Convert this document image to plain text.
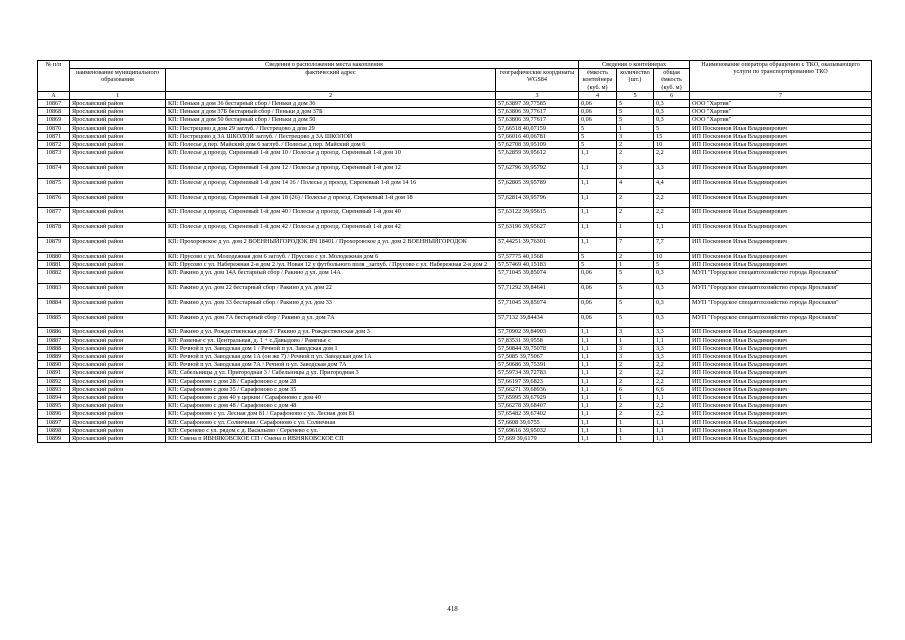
№ п/п	Сведения о расположении места накопления			Сведения о контейнерах			Наименование оператора обращению с ТКО, оказывающего услуги по транспортированию ТКО
	наименование муниципального образования	фактический адрес	географические координаты WGS84	ёмкость контейнера (куб. м)	количество (шт.)	общая ёмкость (куб. м)	
А	1	2	3	4	5	6	7
10867	Ярославский район	КП: Пеньки д дом 36 бестарный сбор / Пеньки д дом 36	57,63897 39,77585	0,06	5	0,3	ООО "Хартия"
10868	Ярославский район	КП: Пеньки д дом 37Б бестарный сбор / Пеньки д дом 37Б	57,63806 39,77617	0,06	5	0,3	ООО "Хартия"
10869	Ярославский район	КП: Пеньки д дом 50 бестарный сбор / Пеньки д дом 50	57,63806 39,77617	0,06	5	0,3	ООО "Хартия"
10870	Ярославский район	КП: Пестрецово д дом 29 заглуб. / Пестрецово д дом 29	57,66518 40,07159	5	1	5	ИП Посконнов Илья Владимирович
10871	Ярославский район	КП: Пестрецово д ЗА ШКОЛОЙ заглуб. / Пестрецово д ЗА ШКОЛОЙ	57,66016 40,06781	5	3	15	ИП Посконнов Илья Владимирович
10872	Ярославский район	КП: Полесье д пер. Майский дом 6 заглуб. / Полесье д пер. Майский дом 6	57,62708 39,95109	5	2	10	ИП Посконнов Илья Владимирович
10873	Ярославский район	КП: Полесье д проезд. Сиреневый 1-й дом 10 / Полесье д проезд. Сиреневый 1-й дом 10	57,62859 39,95612	1,1	2	2,2	ИП Посконнов Илья Владимирович
10874	Ярославский район	КП: Полесье д проезд. Сиреневый 1-й дом 12 / Полесье д проезд. Сиреневый 1-й дом 12	57,62796 39,95792	1,1	3	3,3	ИП Посконнов Илья Владимирович
10875	Ярославский район	КП: Полесье д проезд. Сиреневый 1-й дом 14 16 / Полесье д проезд. Сиреневый 1-й дом 14 16	57,62805 39,95789	1,1	4	4,4	ИП Посконнов Илья Владимирович
10876	Ярославский район	КП: Полесье д проезд. Сиреневый 1-й дом 18 (26) / Полесье д проезд. Сиреневый 1-й дом 18	57,62814 39,95796	1,1	2	2,2	ИП Посконнов Илья Владимирович
10877	Ярославский район	КП: Полесье д проезд. Сиреневый 1-й дом 40 / Полесье д проезд. Сиреневый 1-й дом 40	57,63122 39,95615	1,1	2	2,2	ИП Посконнов Илья Владимирович
10878	Ярославский район	КП: Полесье д проезд. Сиреневый 1-й дом 42 / Полесье д проезд. Сиреневый 1-й дом 42	57,63196 39,95627	1,1	1	1,1	ИП Посконнов Илья Владимирович
10879	Ярославский район	КП: Прохоровское д ул. дом 2 ВОЕННЫЙГОРОДОК ВЧ 18401 / Прохоровское д ул. дом 2 ВОЕННЫЙГОРОДОК	57,44251 39,76301	1,1	7	7,7	ИП Посконнов Илья Владимирович
10880	Ярославский район	КП: Прусово с ул. Молодежная дом 6 заглуб. / Прусово с ул. Молодежная дом 6	57,57775 40,1568	5	2	10	ИП Посконнов Илья Владимирович
10881	Ярославский район	КП: Прусово с ул. Набережная 2-я дом 2 /ул. Новая 12 у футбольного поля _заглуб. / Прусово с ул. Набережная 2-я дом 2	57,57469 40,15183	5	1	5	ИП Посконнов Илья Владимирович
10882	Ярославский район	КП: Ракино д ул. дом 14А бестарный сбор / Ракино д ул. дом 14А	57,71045 39,85074	0,06	5	0,3	МУП "Городское спецавтохозяйство города Ярославля"
10883	Ярославский район	КП: Ракино д ул. дом 22 бестарный сбор / Ракино д ул. дом 22	57,71292 39,84641	0,06	5	0,3	МУП "Городское спецавтохозяйство города Ярославля"
10884	Ярославский район	КП: Ракино д ул. дом 33 бестарный сбор / Ракино д ул. дом 33	57,71045 39,85074	0,06	5	0,3	МУП "Городское спецавтохозяйство города Ярославля"
10885	Ярославский район	КП: Ракино д ул. дом 7А бестарный сбор / Ракино д ул. дом 7А	57,7132 39,84434	0,06	5	0,3	МУП "Городское спецавтохозяйство города Ярославля"
10886	Ярославский район	КП: Ракино д ул. Рождественская дом 3 / Ракино д ул. Рождественская дом 3	57,70902 39,84903	1,1	3	3,3	ИП Посконнов Илья Владимирович
10887	Ярославский район	КП: Раменье с ул. Центральная, д. 1 + с.Давыдово / Раменье с	57,83531 39,9558	1,1	1	1,1	ИП Посконнов Илья Владимирович
10888	Ярославский район	КП: Речной п ул. Заводская дом 1 / Речной п ул. Заводская дом 1	57,50844 39,75078	1,1	3	3,3	ИП Посконнов Илья Владимирович
10889	Ярославский район	КП: Речной п ул. Заводская дом 1А (он же 7) / Речной п ул. Заводская дом 1А	57,5085 39,75067	1,1	3	3,3	ИП Посконнов Илья Владимирович
10890	Ярославский район	КП: Речной п ул. Заводская дом 7А / Речной п ул. Заводская дом 7А	57,50686 39,75391	1,1	2	2,2	ИП Посконнов Илья Владимирович
10891	Ярославский район	КП: Сабельницы д ул. Пригородная 3 / Сабельницы д ул. Пригородная 3	57,59734 39,72783	1,1	2	2,2	ИП Посконнов Илья Владимирович
10892	Ярославский район	КП: Сарафоново с дом 28 / Сарафоново с дом 28	57,66197 39,6823	1,1	2	2,2	ИП Посконнов Илья Владимирович
10893	Ярославский район	КП: Сарафоново с дом 35 / Сарафоново с дом 35	57,66271 39,68936	1,1	6	6,6	ИП Посконнов Илья Владимирович
10894	Ярославский район	КП: Сарафоново с дом 40 у церкви / Сарафоново с дом 40	57,65995 39,67929	1,1	1	1,1	ИП Посконнов Илья Владимирович
10895	Ярославский район	КП: Сарафоново с дом 48 / Сарафоново с дом 48	57,66278 39,68407	1,1	2	2,2	ИП Посконнов Илья Владимирович
10896	Ярославский район	КП: Сарафоново с ул. Лесная дом 81 / Сарафоново с ул. Лесная дом 81	57,65482 39,67402	1,1	2	2,2	ИП Посконнов Илья Владимирович
10897	Ярославский район	КП: Сарафоново с ул. Солнечная / Сарафоново с ул. Солнечная	57,6608 39,6755	1,1	1	1,1	ИП Посконнов Илья Владимирович
10898	Ярославский район	КП: Серенево с ул. рядом с д. Васильево / Серенево с ул.	57,69616 39,95032	1,1	1	1,1	ИП Посконнов Илья Владимирович
10899	Ярославский район	КП: Смена п ИВНЯКОВСКОЕ СП / Смена п ИВНЯКОВСКОЕ СП	57,669 39,6179	1,1	1	1,1	ИП Посконнов Илья Владимирович
418
